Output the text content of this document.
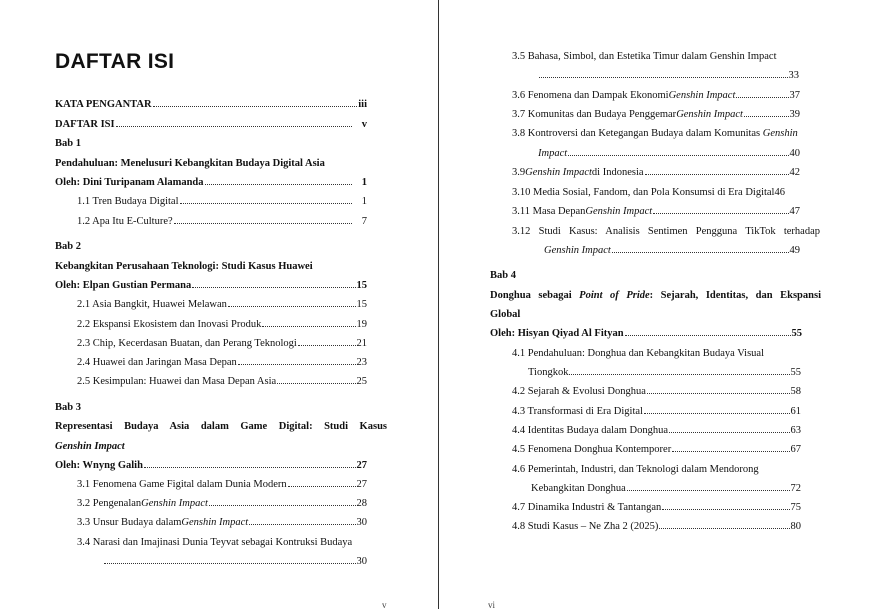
DAFTAR ISI
KATA PENGANTAR	iii
DAFTAR ISI	v
Bab 1
Pendahuluan: Menelusuri Kebangkitan Budaya Digital Asia
Oleh: Dini Turipanam Alamanda	1
1.1 Tren Budaya Digital	1
1.2 Apa Itu E-Culture?	7
Bab 2
Kebangkitan Perusahaan Teknologi: Studi Kasus Huawei
Oleh: Elpan Gustian Permana	15
2.1 Asia Bangkit, Huawei Melawan	15
2.2 Ekspansi Ekosistem dan Inovasi Produk	19
2.3 Chip, Kecerdasan Buatan, dan Perang Teknologi	21
2.4 Huawei dan Jaringan Masa Depan	23
2.5 Kesimpulan: Huawei dan Masa Depan Asia	25
Bab 3
Representasi Budaya Asia dalam Game Digital: Studi Kasus
Genshin Impact
Oleh: Wnyng Galih	27
3.1 Fenomena Game Figital dalam Dunia Modern	27
3.2 Pengenalan Genshin Impact	28
3.3 Unsur Budaya dalam Genshin Impact	30
3.4 Narasi dan Imajinasi Dunia Teyvat sebagai Kontruksi Budaya
30
v
3.5 Bahasa, Simbol, dan Estetika Timur dalam Genshin Impact
33
3.6 Fenomena dan Dampak Ekonomi Genshin Impact	37
3.7 Komunitas dan Budaya Penggemar Genshin Impact	39
3.8 Kontroversi dan Ketegangan Budaya dalam Komunitas Genshin
Impact	40
3.9 Genshin Impact di Indonesia	42
3.10 Media Sosial, Fandom, dan Pola Konsumsi di Era Digital 46
3.11 Masa Depan Genshin Impact	47
3.12 Studi Kasus: Analisis Sentimen Pengguna TikTok terhadap
Genshin Impact	49
Bab 4
Donghua sebagai Point of Pride: Sejarah, Identitas, dan Ekspansi
Global
Oleh: Hisyan Qiyad Al Fityan	55
4.1 Pendahuluan: Donghua dan Kebangkitan Budaya Visual
Tiongkok	55
4.2 Sejarah & Evolusi Donghua	58
4.3 Transformasi di Era Digital	61
4.4 Identitas Budaya dalam Donghua	63
4.5 Fenomena Donghua Kontemporer	67
4.6 Pemerintah, Industri, dan Teknologi dalam Mendorong
Kebangkitan Donghua	72
4.7 Dinamika Industri & Tantangan	75
4.8 Studi Kasus – Ne Zha 2 (2025)	80
vi
